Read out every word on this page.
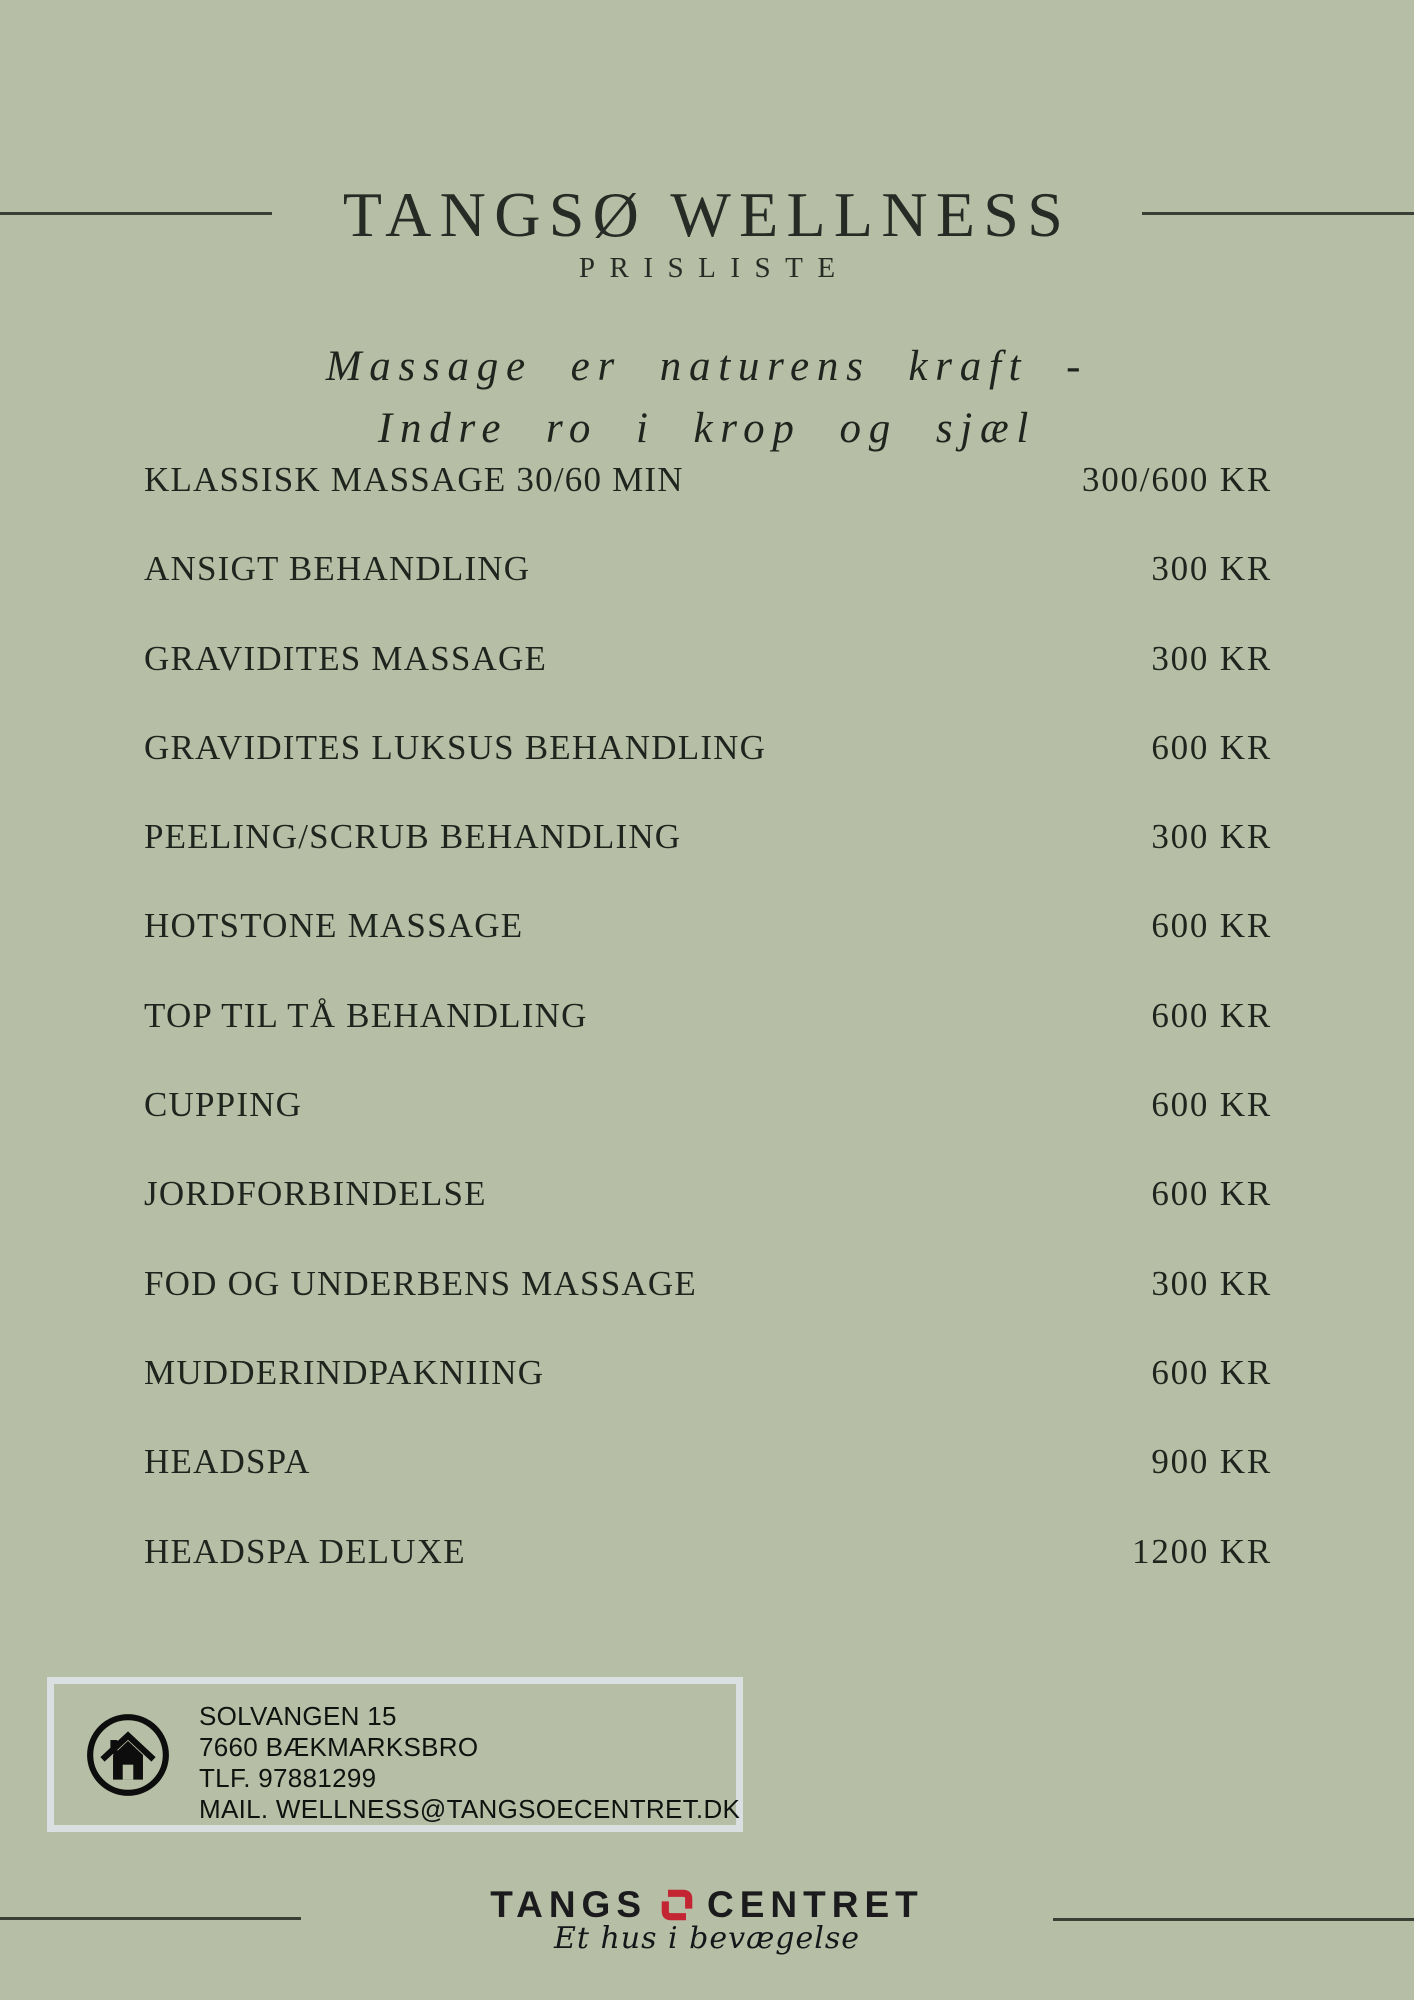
TANGSØ WELLNESS
PRISLISTE
Massage er naturens kraft -
Indre ro i krop og sjæl
KLASSISK MASSAGE 30/60 MIN	300/600 KR
ANSIGT BEHANDLING	300 KR
GRAVIDITES MASSAGE	300 KR
GRAVIDITES LUKSUS BEHANDLING	600 KR
PEELING/SCRUB BEHANDLING	300 KR
HOTSTONE MASSAGE	600 KR
TOP TIL TÅ BEHANDLING	600 KR
CUPPING	600 KR
JORDFORBINDELSE	600 KR
FOD OG UNDERBENS MASSAGE	300 KR
MUDDERINDPAKNIING	600 KR
HEADSPA	900 KR
HEADSPA DELUXE	1200 KR
SOLVANGEN 15
7660 BÆKMARKSBRO
TLF. 97881299
MAIL. WELLNESS@TANGSOECENTRET.DK
TANGS CENTRET
Et hus i bevægelse
